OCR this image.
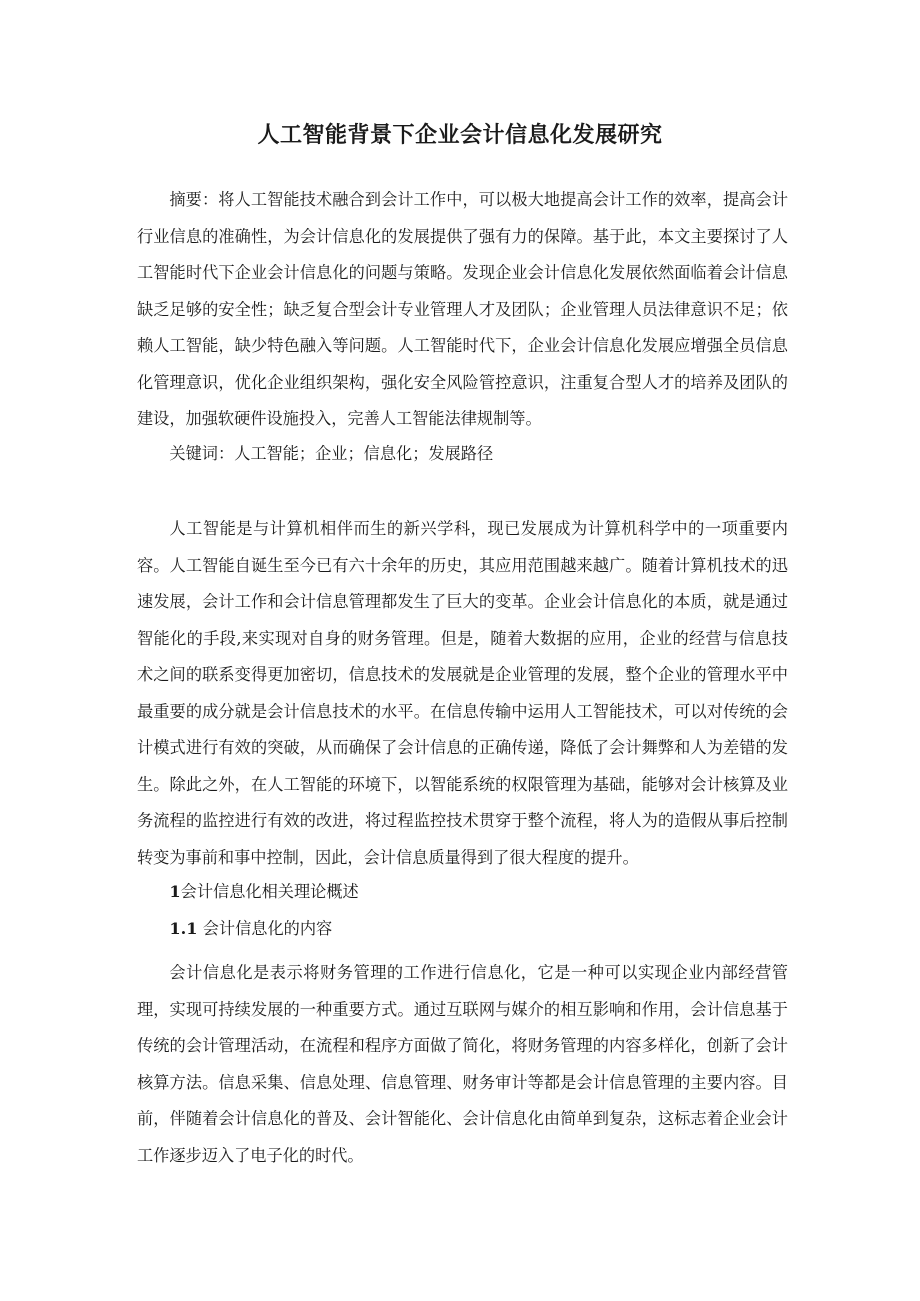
人工智能背景下企业会计信息化发展研究

摘要：将人工智能技术融合到会计工作中，可以极大地提高会计工作的效率，提高会计行业信息的准确性，为会计信息化的发展提供了强有力的保障。基于此，本文主要探讨了人工智能时代下企业会计信息化的问题与策略。发现企业会计信息化发展依然面临着会计信息缺乏足够的安全性；缺乏复合型会计专业管理人才及团队；企业管理人员法律意识不足；依赖人工智能，缺少特色融入等问题。人工智能时代下，企业会计信息化发展应增强全员信息化管理意识，优化企业组织架构，强化安全风险管控意识，注重复合型人才的培养及团队的建设，加强软硬件设施投入，完善人工智能法律规制等。

关键词：人工智能；企业；信息化；发展路径

人工智能是与计算机相伴而生的新兴学科，现已发展成为计算机科学中的一项重要内容。人工智能自诞生至今已有六十余年的历史，其应用范围越来越广。随着计算机技术的迅速发展，会计工作和会计信息管理都发生了巨大的变革。企业会计信息化的本质，就是通过智能化的手段,来实现对自身的财务管理。但是，随着大数据的应用，企业的经营与信息技术之间的联系变得更加密切，信息技术的发展就是企业管理的发展，整个企业的管理水平中最重要的成分就是会计信息技术的水平。在信息传输中运用人工智能技术，可以对传统的会计模式进行有效的突破，从而确保了会计信息的正确传递，降低了会计舞弊和人为差错的发生。除此之外，在人工智能的环境下，以智能系统的权限管理为基础，能够对会计核算及业务流程的监控进行有效的改进，将过程监控技术贯穿于整个流程，将人为的造假从事后控制转变为事前和事中控制，因此，会计信息质量得到了很大程度的提升。

1会计信息化相关理论概述

1.1 会计信息化的内容

会计信息化是表示将财务管理的工作进行信息化，它是一种可以实现企业内部经营管理，实现可持续发展的一种重要方式。通过互联网与媒介的相互影响和作用，会计信息基于传统的会计管理活动，在流程和程序方面做了简化，将财务管理的内容多样化，创新了会计核算方法。信息采集、信息处理、信息管理、财务审计等都是会计信息管理的主要内容。目前，伴随着会计信息化的普及、会计智能化、会计信息化由简单到复杂，这标志着企业会计工作逐步迈入了电子化的时代。
